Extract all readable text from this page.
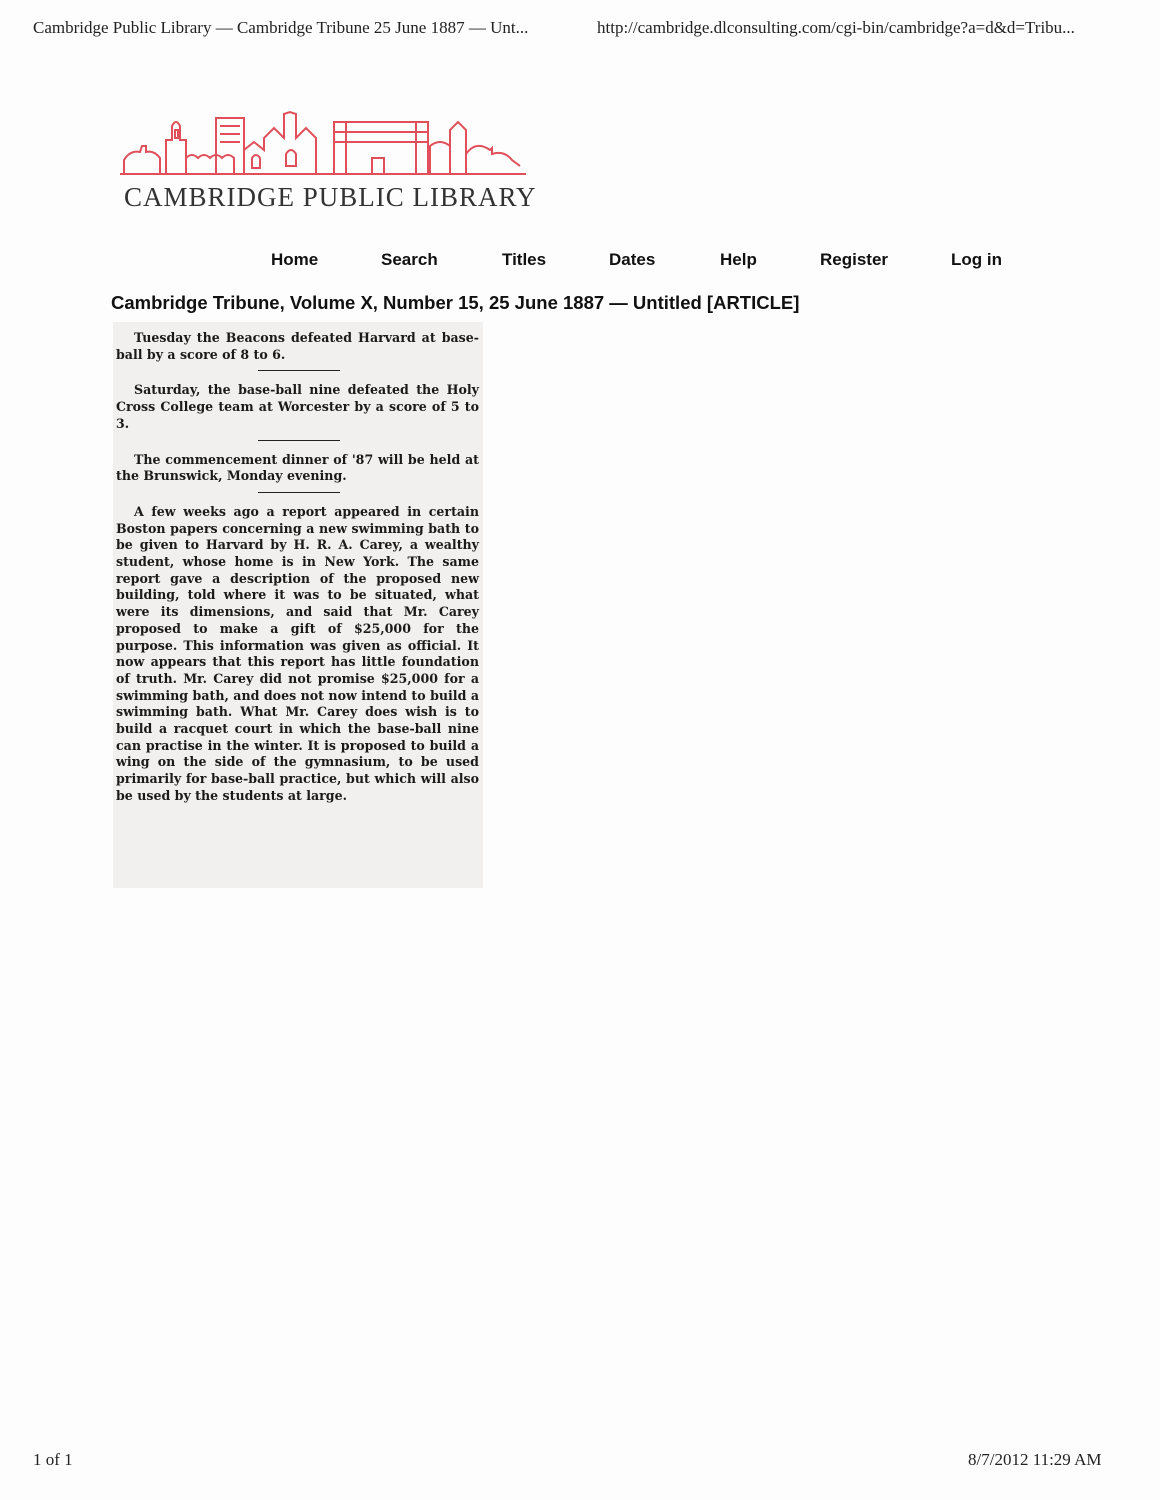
Cambridge Public Library — Cambridge Tribune 25 June 1887 — Unt...	http://cambridge.dlconsulting.com/cgi-bin/cambridge?a=d&d=Tribu...
CAMBRIDGE PUBLIC LIBRARY
Home	Search	Titles	Dates	Help	Register	Log in
Cambridge Tribune, Volume X, Number 15, 25 June 1887 — Untitled [ARTICLE]

Tuesday the Beacons defeated Harvard at base-ball by a score of 8 to 6.

Saturday, the base-ball nine defeated the Holy Cross College team at Worcester by a score of 5 to 3.

The commencement dinner of '87 will be held at the Brunswick, Monday evening.

A few weeks ago a report appeared in certain Boston papers concerning a new swimming bath to be given to Harvard by H. R. A. Carey, a wealthy student, whose home is in New York. The same report gave a description of the proposed new building, told where it was to be situated, what were its dimensions, and said that Mr. Carey proposed to make a gift of $25,000 for the purpose. This information was given as official. It now appears that this report has little foundation of truth. Mr. Carey did not promise $25,000 for a swimming bath, and does not now intend to build a swimming bath. What Mr. Carey does wish is to build a racquet court in which the base-ball nine can practise in the winter. It is proposed to build a wing on the side of the gymnasium, to be used primarily for base-ball practice, but which will also be used by the students at large.

1 of 1	8/7/2012 11:29 AM
